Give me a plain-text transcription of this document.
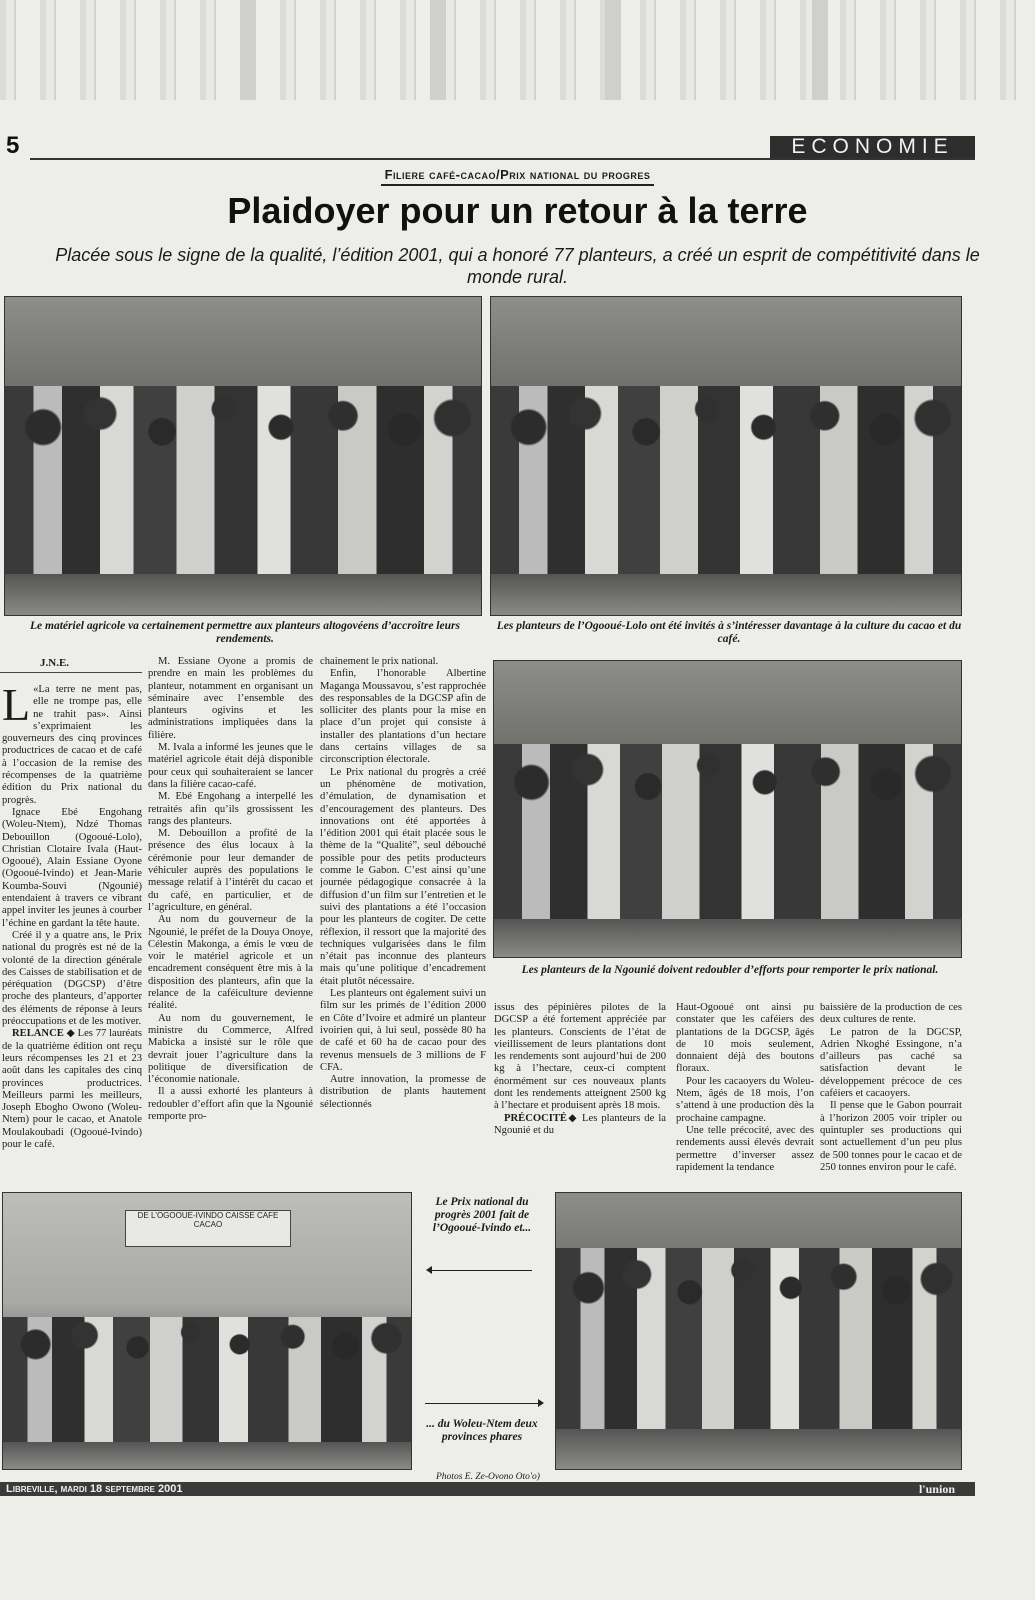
5	ECONOMIE
Filiere café-cacao/Prix national du progres
Plaidoyer pour un retour à la terre
Placée sous le signe de la qualité, l’édition 2001, qui a honoré 77 planteurs, a créé un esprit de compétitivité dans le monde rural.
Le matériel agricole va certainement permettre aux planteurs altogovéens d’accroître leurs rendements.
Les planteurs de l’Ogooué-Lolo ont été invités à s’intéresser davantage à la culture du cacao et du café.
Les planteurs de la Ngounié doivent redoubler d’efforts pour remporter le prix national.
J.N.E.

L «La terre ne ment pas, elle ne trompe pas, elle ne trahit pas». Ainsi s’exprimaient les gouverneurs des cinq provinces productrices de cacao et de café à l’occasion de la remise des récompenses de la quatrième édition du Prix national du progrès.

Ignace Ebé Engohang (Woleu-Ntem), Ndzé Thomas Debouillon (Ogooué-Lolo), Christian Clotaire Ivala (Haut-Ogooué), Alain Essiane Oyone (Ogooué-Ivindo) et Jean-Marie Koumba-Souvi (Ngounié) entendaient à travers ce vibrant appel inviter les jeunes à courber l’échine en gardant la tête haute.

Créé il y a quatre ans, le Prix national du progrès est né de la volonté de la direction générale des Caisses de stabilisation et de péréquation (DGCSP) d’être proche des planteurs, d’apporter des éléments de réponse à leurs préoccupations et de les motiver.

RELANCE ◆ Les 77 lauréats de la quatrième édition ont reçu leurs récompenses les 21 et 23 août dans les capitales des cinq provinces productrices. Meilleurs parmi les meilleurs, Joseph Ebogho Owono (Woleu-Ntem) pour le cacao, et Anatole Moulakoubadi (Ogooué-Ivindo) pour le café.

M. Essiane Oyone a promis de prendre en main les problèmes du planteur, notamment en organisant un séminaire avec l’ensemble des planteurs ogivins et les administrations impliquées dans la filière.

M. Ivala a informé les jeunes que le matériel agricole était déjà disponible pour ceux qui souhaiteraient se lancer dans la filière cacao-café.

M. Ebé Engohang a interpellé les retraités afin qu’ils grossissent les rangs des planteurs.

M. Debouillon a profité de la présence des élus locaux à la cérémonie pour leur demander de véhiculer auprès des populations le message relatif à l’intérêt du cacao et du café, en particulier, et de l’agriculture, en général.

Au nom du gouverneur de la Ngounié, le préfet de la Douya Onoye, Célestin Makonga, a émis le vœu de voir le matériel agricole et un encadrement conséquent être mis à la disposition des planteurs, afin que la relance de la caféiculture devienne réalité.

Au nom du gouvernement, le ministre du Commerce, Alfred Mabicka a insisté sur le rôle que devrait jouer l’agriculture dans la politique de diversification de l’économie nationale.

Il a aussi exhorté les planteurs à redoubler d’effort afin que la Ngounié remporte pro-

chainement le prix national.

Enfin, l’honorable Albertine Maganga Moussavou, s’est rapprochée des responsables de la DGCSP afin de solliciter des plants pour la mise en place d’un projet qui consiste à installer des plantations d’un hectare dans certains villages de sa circonscription électorale.

Le Prix national du progrès a créé un phénomène de motivation, d’émulation, de dynamisation et d’encouragement des planteurs. Des innovations ont été apportées à l’édition 2001 qui était placée sous le thème de la “Qualité”, seul débouché possible pour des petits producteurs comme le Gabon. C’est ainsi qu’une journée pédagogique consacrée à la diffusion d’un film sur l’entretien et le suivi des plantations a été l’occasion pour les planteurs de cogiter. De cette réflexion, il ressort que la majorité des techniques vulgarisées dans le film n’était pas inconnue des planteurs mais qu’une politique d’encadrement était plutôt nécessaire.

Les planteurs ont également suivi un film sur les primés de l’édition 2000 en Côte d’Ivoire et admiré un planteur ivoirien qui, à lui seul, possède 80 ha de café et 60 ha de cacao pour des revenus mensuels de 3 millions de F CFA.

Autre innovation, la promesse de distribution de plants hautement sélectionnés

issus des pépinières pilotes de la DGCSP a été fortement appréciée par les planteurs. Conscients de l’état de vieillissement de leurs plantations dont les rendements sont aujourd’hui de 200 kg à l’hectare, ceux-ci comptent énormément sur ces nouveaux plants dont les rendements atteignent 2500 kg à l’hectare et produisent après 18 mois.

PRÉCOCITÉ◆ Les planteurs de la Ngounié et du

Haut-Ogooué ont ainsi pu constater que les caféiers des plantations de la DGCSP, âgés de 10 mois seulement, donnaient déjà des boutons floraux.

Pour les cacaoyers du Woleu-Ntem, âgés de 18 mois, l’on s’attend à une production dès la prochaine campagne.

Une telle précocité, avec des rendements aussi élevés devrait permettre d’inverser assez rapidement la tendance

baissière de la production de ces deux cultures de rente.

Le patron de la DGCSP, Adrien Nkoghé Essingone, n’a d’ailleurs pas caché sa satisfaction devant le développement précoce de ces caféiers et cacaoyers.

Il pense que le Gabon pourrait à l’horizon 2005 voir tripler ou quintupler ses productions qui sont actuellement d’un peu plus de 500 tonnes pour le cacao et de 250 tonnes environ pour le café.

DE L'OGOOUE-IVINDO CAISSE CAFE CACAO
Le Prix national du progrès 2001 fait de l’Ogooué-Ivindo et...
... du Woleu-Ntem deux provinces phares
Photos E. Ze-Ovono Oto'o)
Libreville, mardi 18 septembre 2001	l'union
